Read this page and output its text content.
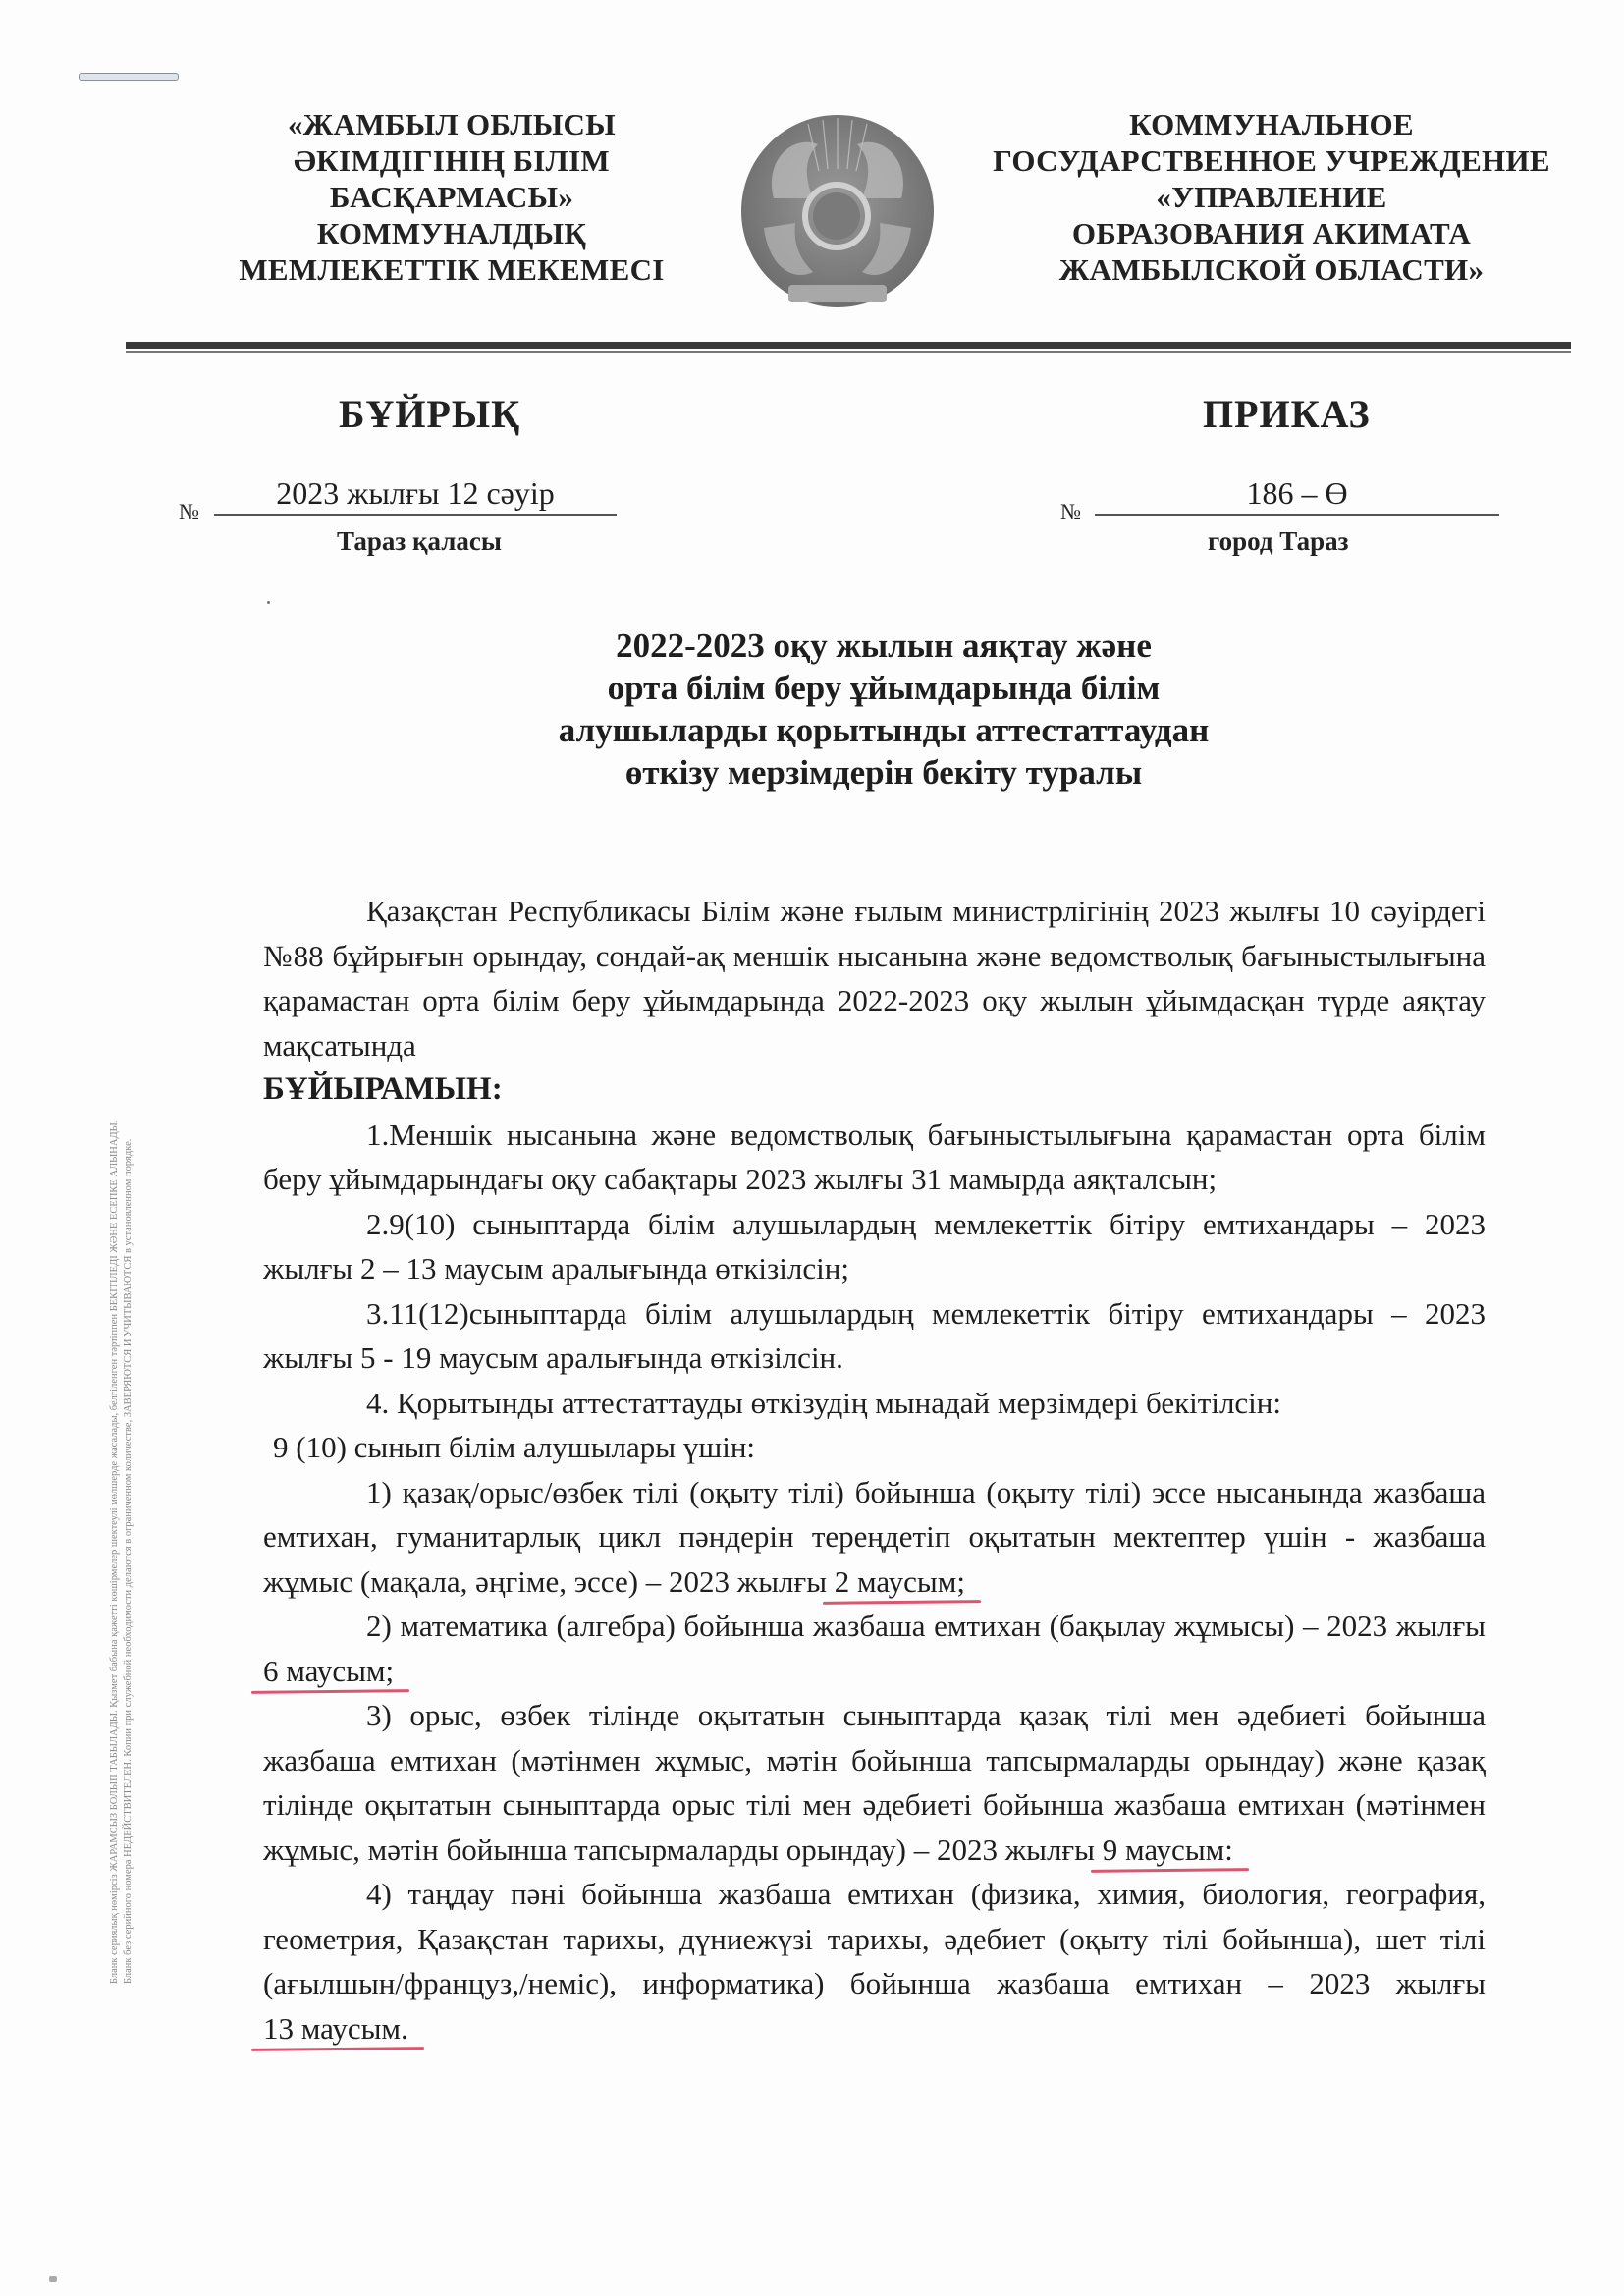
«ЖАМБЫЛ ОБЛЫСЫ
ӘКІМДІГІНІҢ БІЛІМ
БАСҚАРМАСЫ»
КОММУНАЛДЫҚ
МЕМЛЕКЕТТІК МЕКЕМЕСІ
КОММУНАЛЬНОЕ
ГОСУДАРСТВЕННОЕ УЧРЕЖДЕНИЕ
«УПРАВЛЕНИЕ
ОБРАЗОВАНИЯ АКИМАТА
ЖАМБЫЛСКОЙ ОБЛАСТИ»
БҰЙРЫҚ	ПРИКАЗ
№
2023 жылғы 12 сәуір
№
186 – Ө
Тараз қаласы	город Тараз
2022-2023 оқу жылын аяқтау және
орта білім беру ұйымдарында білім
алушыларды қорытынды аттестаттаудан
өткізу мерзімдерін бекіту туралы

Қазақстан Республикасы Білім және ғылым министрлігінің 2023 жылғы 10 сәуірдегі №88 бұйрығын орындау, сондай-ақ меншік нысанына және ведомстволық бағыныстылығына қарамастан орта білім беру ұйымдарында 2022-2023 оқу жылын ұйымдасқан түрде аяқтау мақсатында

БҰЙЫРАМЫН:

1.Меншік нысанына және ведомстволық бағыныстылығына қарамастан орта білім беру ұйымдарындағы оқу сабақтары 2023 жылғы 31 мамырда аяқталсын;

2.9(10) сыныптарда білім алушылардың мемлекеттік бітіру емтихандары – 2023 жылғы 2 – 13 маусым аралығында өткізілсін;

3.11(12)сыныптарда білім алушылардың мемлекеттік бітіру емтихандары – 2023 жылғы 5 - 19 маусым аралығында өткізілсін.

4. Қорытынды аттестаттауды өткізудің мынадай мерзімдері бекітілсін:

9 (10) сынып білім алушылары үшін:

1) қазақ/орыс/өзбек тілі (оқыту тілі) бойынша (оқыту тілі) эссе нысанында жазбаша емтихан, гуманитарлық цикл пәндерін тереңдетіп оқытатын мектептер үшін - жазбаша жұмыс (мақала, әңгіме, эссе) – 2023 жылғы 2 маусым;

2) математика (алгебра) бойынша жазбаша емтихан (бақылау жұмысы) – 2023 жылғы 6 маусым;

3) орыс, өзбек тілінде оқытатын сыныптарда қазақ тілі мен әдебиеті бойынша жазбаша емтихан (мәтінмен жұмыс, мәтін бойынша тапсырмаларды орындау) және қазақ тілінде оқытатын сыныптарда орыс тілі мен әдебиеті бойынша жазбаша емтихан (мәтінмен жұмыс, мәтін бойынша тапсырмаларды орындау) – 2023 жылғы 9 маусым:

4) таңдау пәні бойынша жазбаша емтихан (физика, химия, биология, география, геометрия, Қазақстан тарихы, дүниежүзі тарихы, әдебиет (оқыту тілі бойынша), шет тілі (ағылшын/француз,/неміс), информатика) бойынша жазбаша емтихан – 2023 жылғы 13 маусым.

Бланк сериялық нөмірсіз ЖАРАМСЫЗ БОЛЫП ТАБЫЛАДЫ. Қызмет бабына қажетті көшірмелер шектеулі мөлшерде жасалады, белгіленген тәртіппен БЕКІТІЛЕДІ ЖӘНЕ ЕСЕПКЕ АЛЫНАДЫ. Бланк без серийного номера НЕДЕЙСТВИТЕЛЕН. Копии при служебной необходимости делаются в ограниченном количестве, ЗАВЕРЯЮТСЯ И УЧИТЫВАЮТСЯ в установленном порядке.
